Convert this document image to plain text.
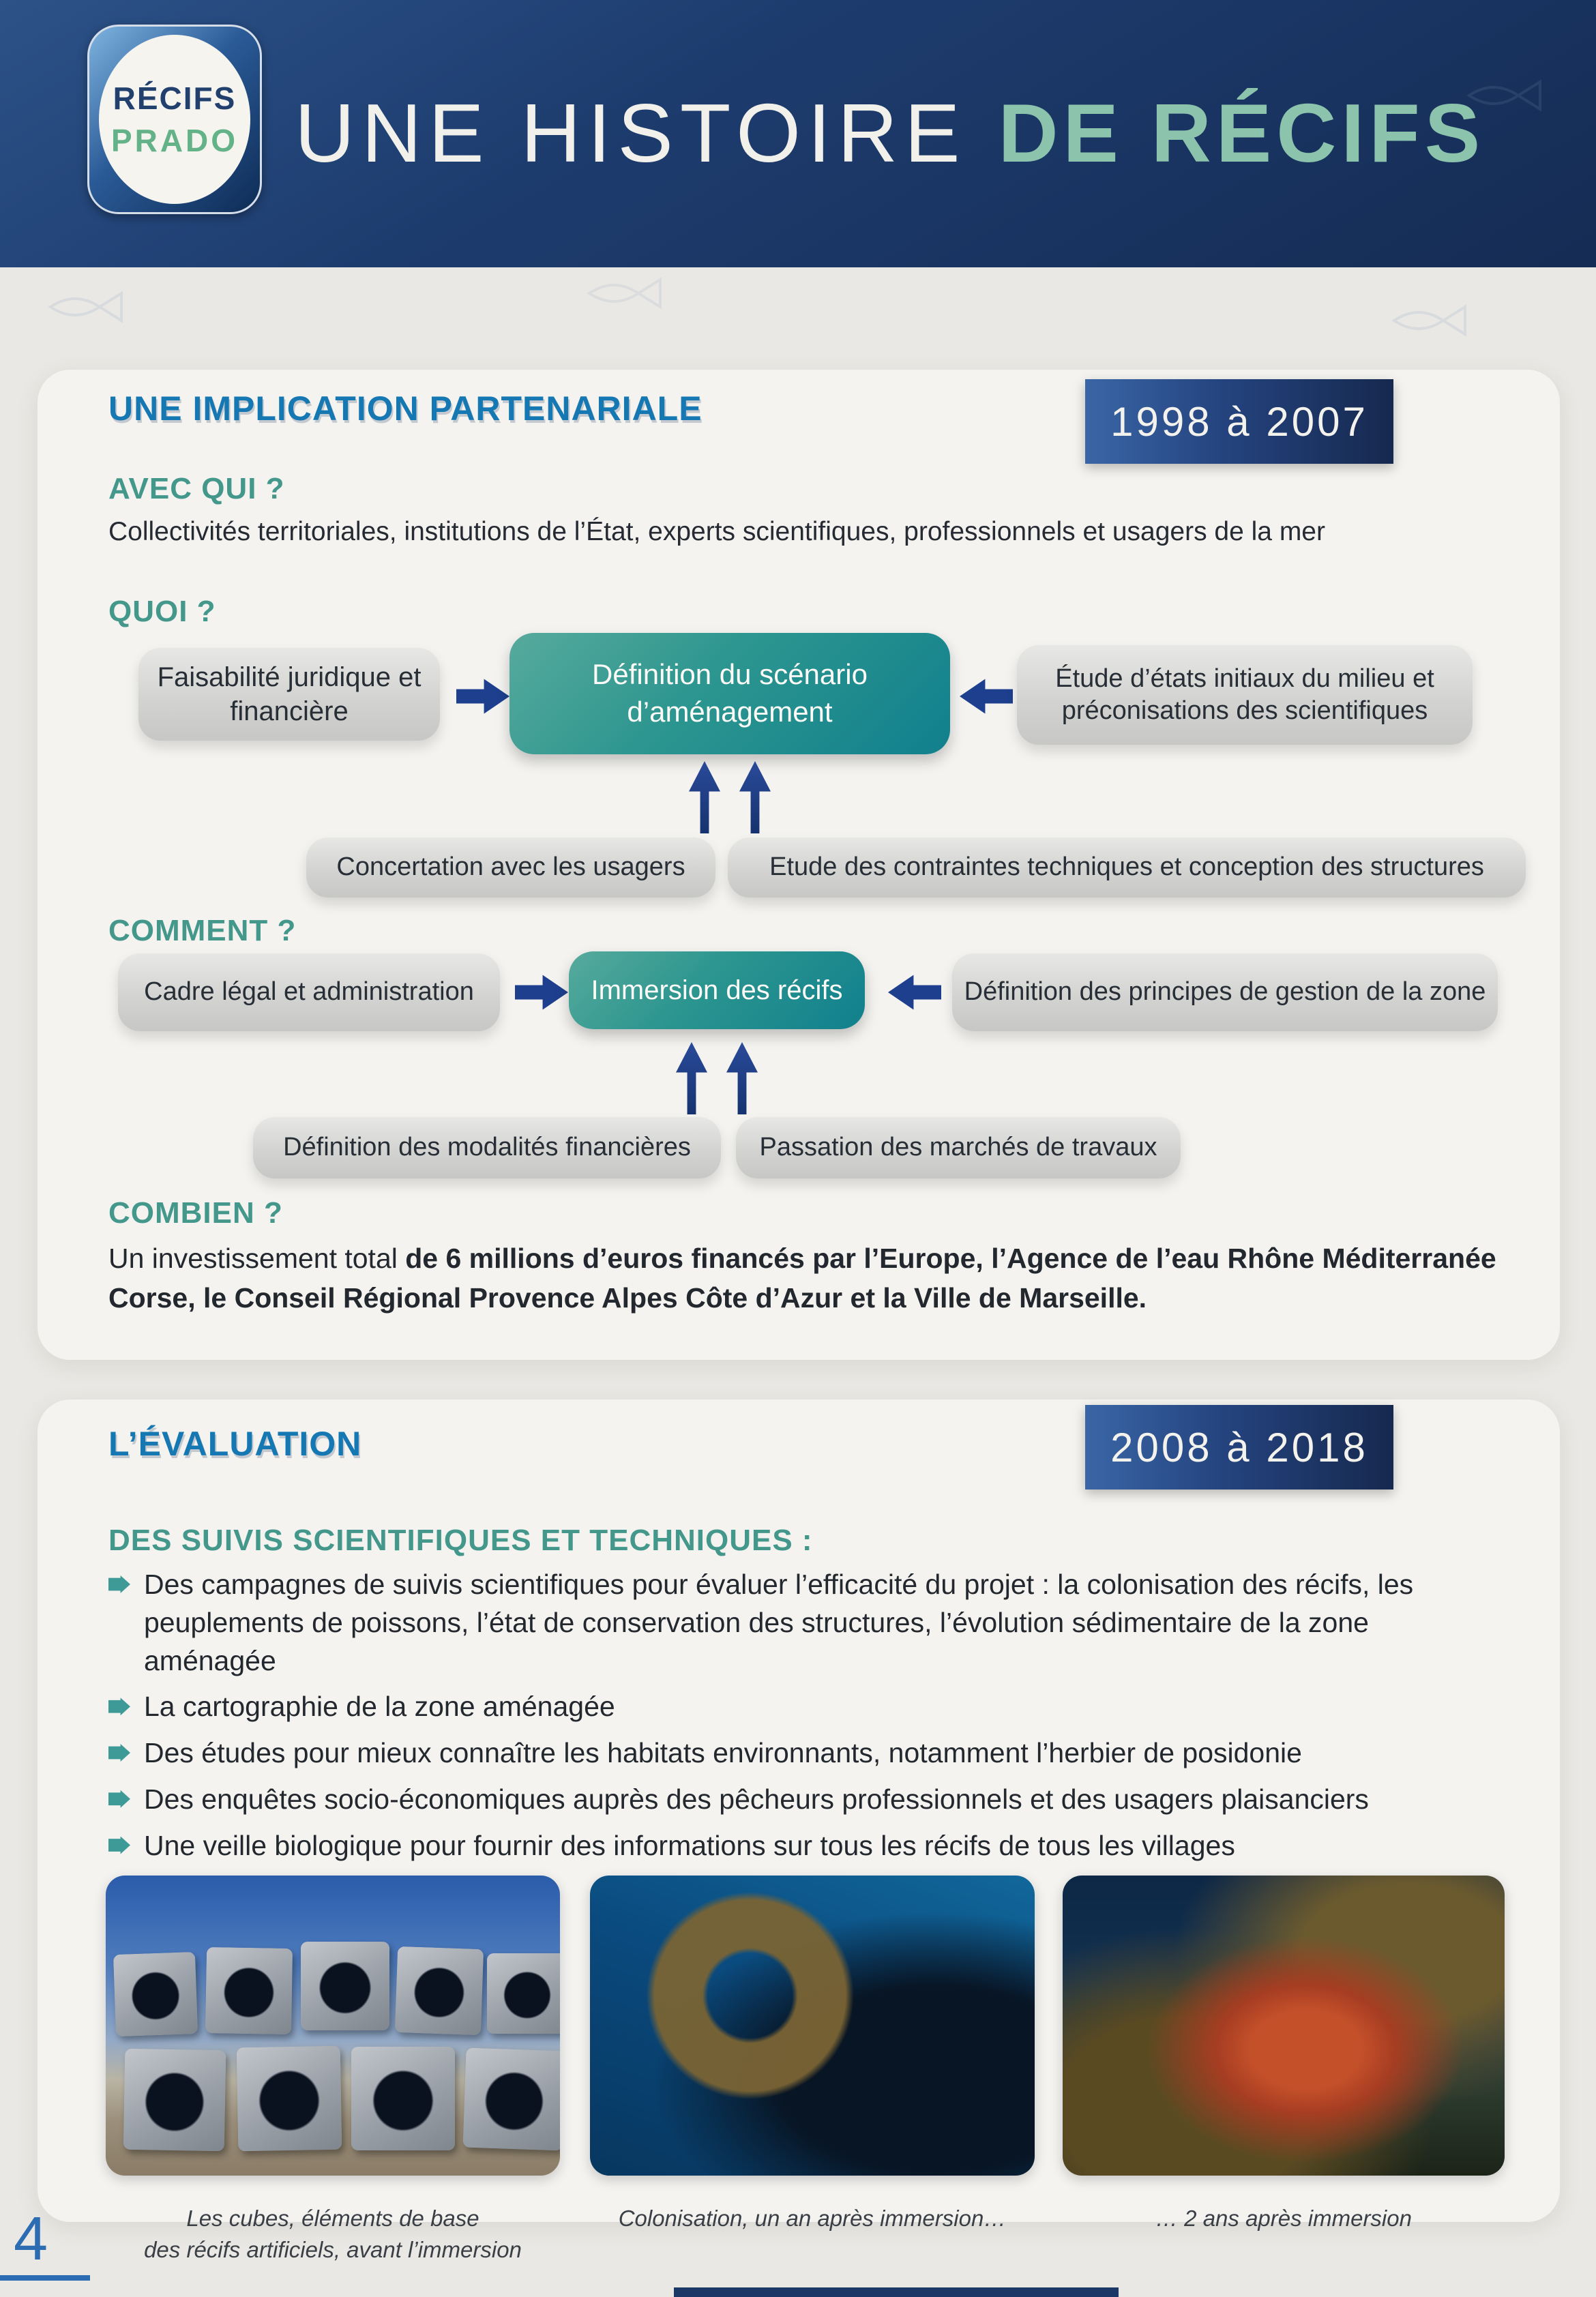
RÉCIFS
PRADO UNE HISTOIRE DE RÉCIFS
UNE IMPLICATION PARTENARIALE	1998 à 2007
AVEC QUI ?
Collectivités territoriales, institutions de l’État, experts scientifiques, professionnels et usagers de la mer
QUOI ?
Faisabilité juridique et financière
Définition du scénario d’aménagement
Étude d’états initiaux du milieu et préconisations des scientifiques
Concertation avec les usagers	Etude des contraintes techniques et conception des structures
COMMENT ?
Cadre légal et administration	Immersion des récifs	Définition des principes de gestion de la zone
Définition des modalités financières	Passation des marchés de travaux
COMBIEN ?
Un investissement total de 6 millions d’euros financés par l’Europe, l’Agence de l’eau Rhône Méditerranée Corse, le Conseil Régional Provence Alpes Côte d’Azur et la Ville de Marseille.
L’ÉVALUATION	2008 à 2018
DES SUIVIS SCIENTIFIQUES ET TECHNIQUES :
Des campagnes de suivis scientifiques pour évaluer l’efficacité du projet : la colonisation des récifs, les peuplements de poissons, l’état de conservation des structures, l’évolution sédimentaire de la zone aménagée
La cartographie de la zone aménagée
Des études pour mieux connaître les habitats environnants, notamment l’herbier de posidonie
Des enquêtes socio-économiques auprès des pêcheurs professionnels et des usagers plaisanciers
Une veille biologique pour fournir des informations sur tous les récifs de tous les villages
Les cubes, éléments de base
des récifs artificiels, avant l’immersion
Colonisation, un an après immersion…	… 2 ans après immersion
4
